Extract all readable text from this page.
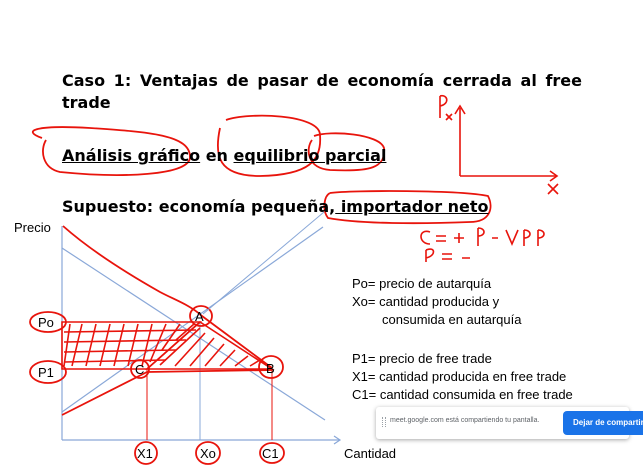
Caso 1: Ventajas de pasar de economía cerrada al free trade
Análisis gráfico en equilibrio parcial
Supuesto: economía pequeña, importador neto
Precio
Cantidad
Po
P1
X1	Xo	C1
A
B
C
Po= precio de autarquía
Xo= cantidad producida y
consumida en autarquía
P1= precio de free trade
X1= cantidad producida en free trade
C1= cantidad consumida en free trade
meet.google.com está compartiendo tu pantalla.	Dejar de compartir
